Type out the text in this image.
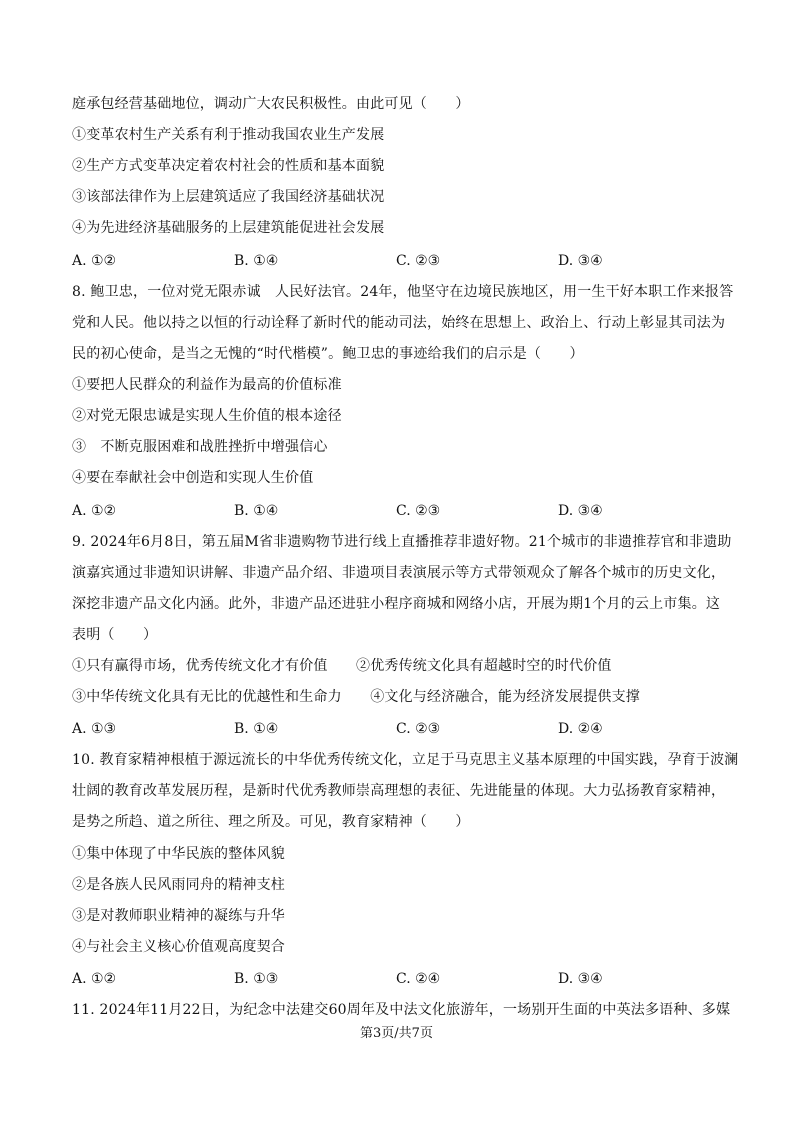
庭承包经营基础地位，调动广大农民积极性。由此可见（　　）
①变革农村生产关系有利于推动我国农业生产发展
②生产方式变革决定着农村社会的性质和基本面貌
③该部法律作为上层建筑适应了我国经济基础状况
④为先进经济基础服务的上层建筑能促进社会发展
A. ①②	B. ①④	C. ②③	D. ③④
8. 鲍卫忠，一位对党无限赤诚　人民好法官。24年，他坚守在边境民族地区，用一生干好本职工作来报答
党和人民。他以持之以恒的行动诠释了新时代的能动司法，始终在思想上、政治上、行动上彰显其司法为
民的初心使命，是当之无愧的“时代楷模”。鲍卫忠的事迹给我们的启示是（　　）
①要把人民群众的利益作为最高的价值标准
②对党无限忠诚是实现人生价值的根本途径
③　不断克服困难和战胜挫折中增强信心
④要在奉献社会中创造和实现人生价值
A. ①②	B. ①④	C. ②③	D. ③④
9. 2024年6月8日，第五届M省非遗购物节进行线上直播推荐非遗好物。21个城市的非遗推荐官和非遗助
演嘉宾通过非遗知识讲解、非遗产品介绍、非遗项目表演展示等方式带领观众了解各个城市的历史文化，
深挖非遗产品文化内涵。此外，非遗产品还进驻小程序商城和网络小店，开展为期1个月的云上市集。这
表明（　　）
①只有赢得市场，优秀传统文化才有价值　　②优秀传统文化具有超越时空的时代价值
③中华传统文化具有无比的优越性和生命力　　④文化与经济融合，能为经济发展提供支撑
A. ①③	B. ①④	C. ②③	D. ②④
10. 教育家精神根植于源远流长的中华优秀传统文化，立足于马克思主义基本原理的中国实践，孕育于波澜
壮阔的教育改革发展历程，是新时代优秀教师崇高理想的表征、先进能量的体现。大力弘扬教育家精神，
是势之所趋、道之所往、理之所及。可见，教育家精神（　　）
①集中体现了中华民族的整体风貌
②是各族人民风雨同舟的精神支柱
③是对教师职业精神的凝练与升华
④与社会主义核心价值观高度契合
A. ①②	B. ①③	C. ②④	D. ③④
11. 2024年11月22日，为纪念中法建交60周年及中法文化旅游年，一场别开生面的中英法多语种、多媒
第3页/共7页
